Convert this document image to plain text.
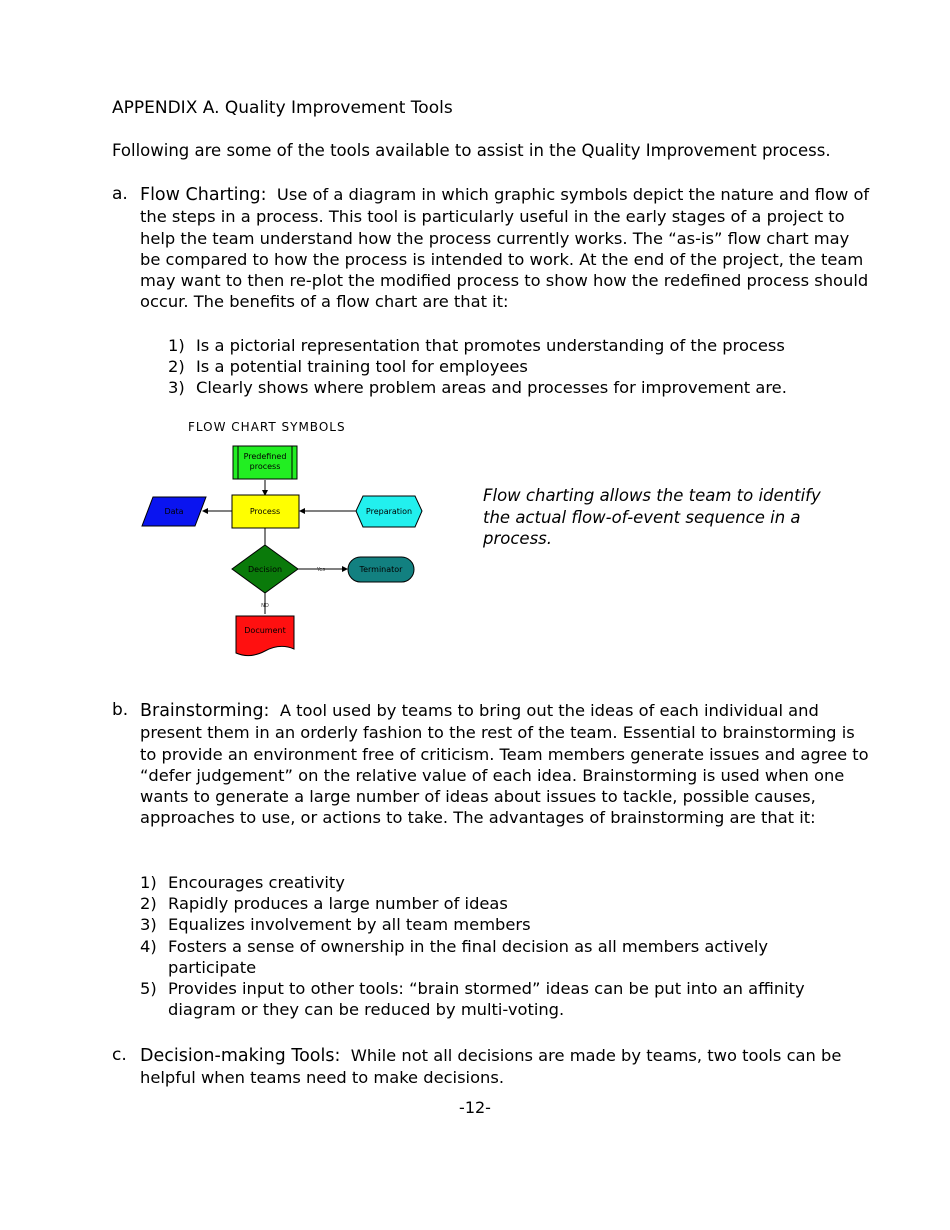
APPENDIX A. Quality Improvement Tools
Following are some of the tools available to assist in the Quality Improvement process.
a. Flow Charting: Use of a diagram in which graphic symbols depict the nature and flow of the steps in a process. This tool is particularly useful in the early stages of a project to help the team understand how the process currently works. The “as-is” flow chart may be compared to how the process is intended to work. At the end of the project, the team may want to then re-plot the modified process to show how the redefined process should occur. The benefits of a flow chart are that it:

1) Is a pictorial representation that promotes understanding of the process
2) Is a potential training tool for employees
3) Clearly shows where problem areas and processes for improvement are.
FLOW CHART SYMBOLS
Predefined
process
Process
Data	Preparation
Decision	Yes
NO
Terminator
Document
Flow charting allows the team to identify the actual flow-of-event sequence in a process.
b. Brainstorming: A tool used by teams to bring out the ideas of each individual and present them in an orderly fashion to the rest of the team. Essential to brainstorming is to provide an environment free of criticism. Team members generate issues and agree to “defer judgement” on the relative value of each idea. Brainstorming is used when one wants to generate a large number of ideas about issues to tackle, possible causes, approaches to use, or actions to take. The advantages of brainstorming are that it:

1) Encourages creativity
2) Rapidly produces a large number of ideas
3) Equalizes involvement by all team members
4) Fosters a sense of ownership in the final decision as all members actively participate
5) Provides input to other tools: “brain stormed” ideas can be put into an affinity diagram or they can be reduced by multi-voting.
c. Decision-making Tools: While not all decisions are made by teams, two tools can be helpful when teams need to make decisions.

-12-
